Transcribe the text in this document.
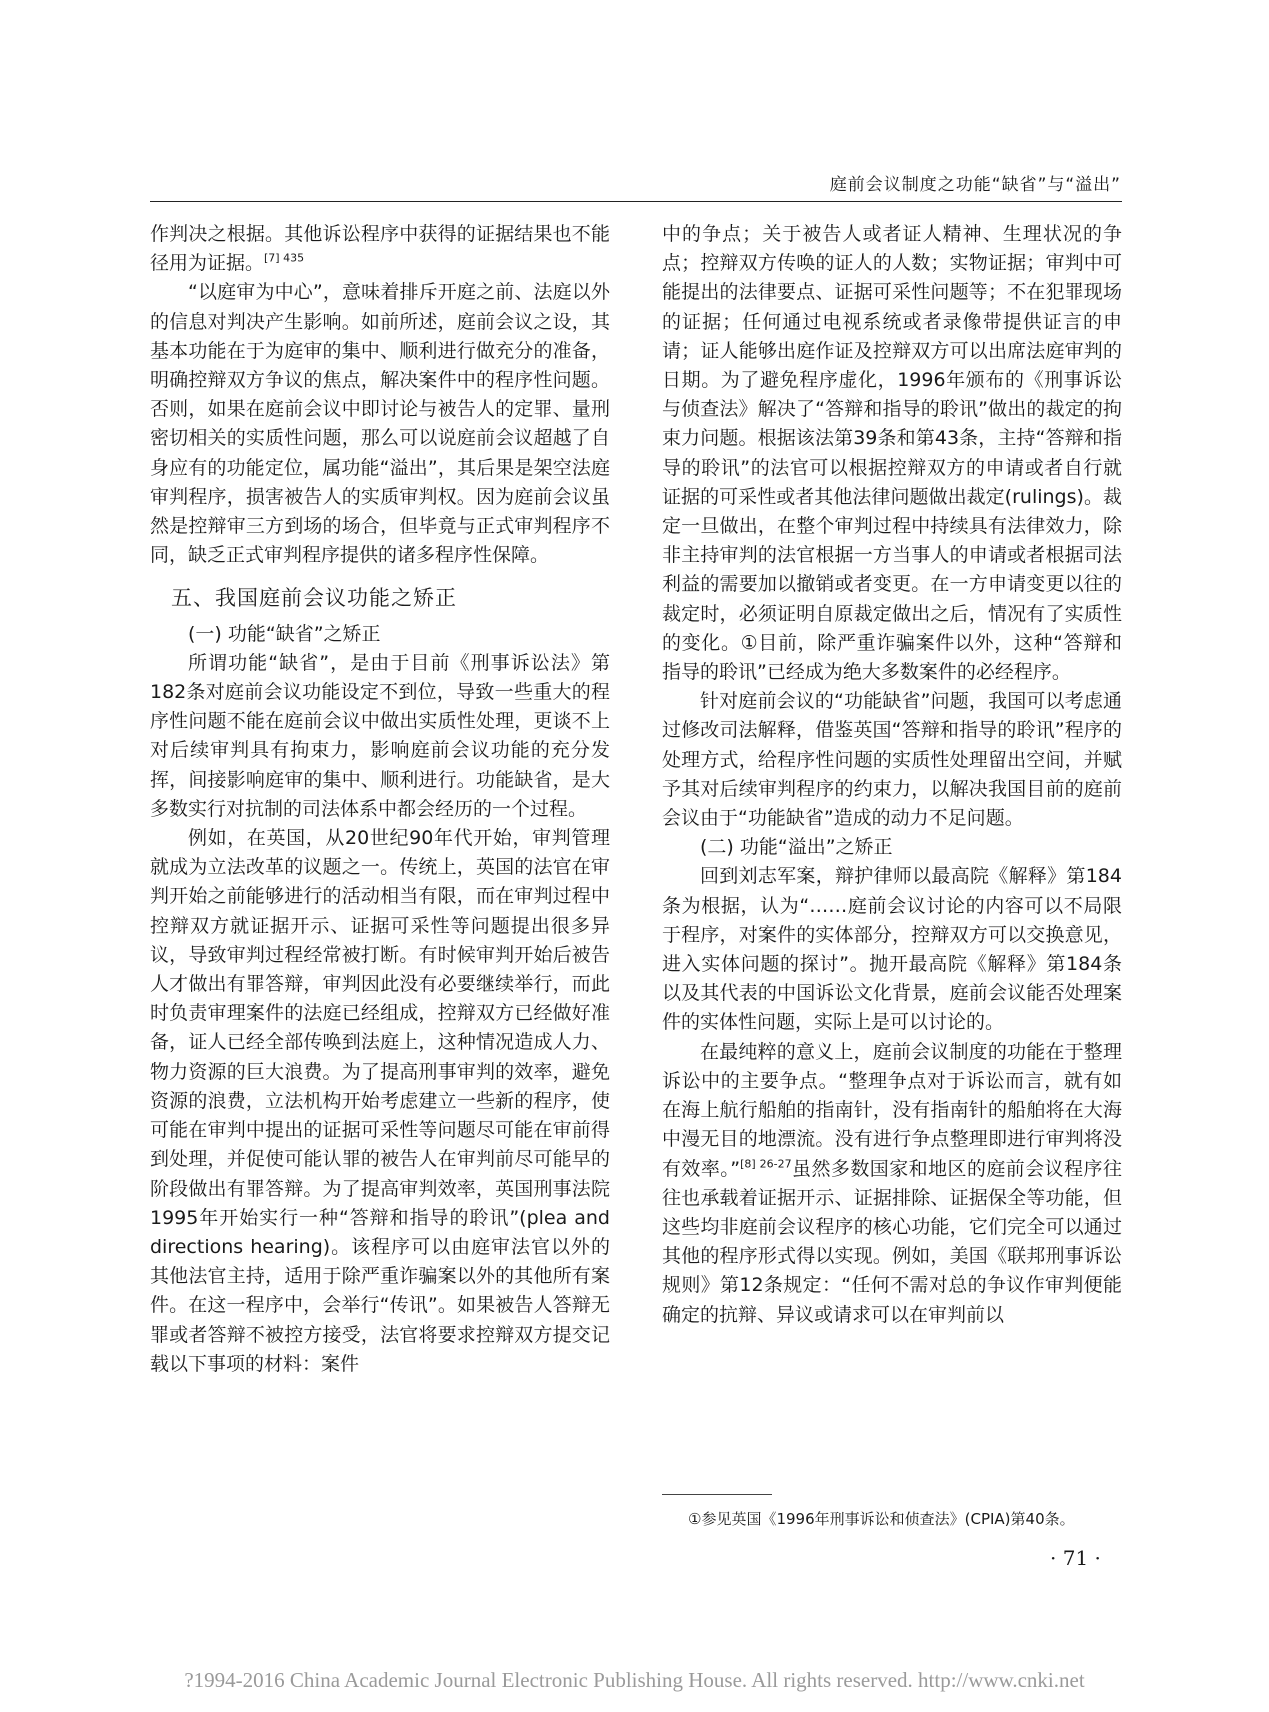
庭前会议制度之功能“缺省”与“溢出”

作判决之根据。其他诉讼程序中获得的证据结果也不能径用为证据。$^{[7] 435}$

“以庭审为中心”，意味着排斥开庭之前、法庭以外的信息对判决产生影响。如前所述，庭前会议之设，其基本功能在于为庭审的集中、顺利进行做充分的准备，明确控辩双方争议的焦点，解决案件中的程序性问题。否则，如果在庭前会议中即讨论与被告人的定罪、量刑密切相关的实质性问题，那么可以说庭前会议超越了自身应有的功能定位，属功能“溢出”，其后果是架空法庭审判程序，损害被告人的实质审判权。因为庭前会议虽然是控辩审三方到场的场合，但毕竟与正式审判程序不同，缺乏正式审判程序提供的诸多程序性保障。

五、我国庭前会议功能之矫正
(一) 功能“缺省”之矫正

所谓功能“缺省”，是由于目前《刑事诉讼法》第182条对庭前会议功能设定不到位，导致一些重大的程序性问题不能在庭前会议中做出实质性处理，更谈不上对后续审判具有拘束力，影响庭前会议功能的充分发挥，间接影响庭审的集中、顺利进行。功能缺省，是大多数实行对抗制的司法体系中都会经历的一个过程。

例如，在英国，从20世纪90年代开始，审判管理就成为立法改革的议题之一。传统上，英国的法官在审判开始之前能够进行的活动相当有限，而在审判过程中控辩双方就证据开示、证据可采性等问题提出很多异议，导致审判过程经常被打断。有时候审判开始后被告人才做出有罪答辩，审判因此没有必要继续举行，而此时负责审理案件的法庭已经组成，控辩双方已经做好准备，证人已经全部传唤到法庭上，这种情况造成人力、物力资源的巨大浪费。为了提高刑事审判的效率，避免资源的浪费，立法机构开始考虑建立一些新的程序，使可能在审判中提出的证据可采性等问题尽可能在审前得到处理，并促使可能认罪的被告人在审判前尽可能早的阶段做出有罪答辩。为了提高审判效率，英国刑事法院1995年开始实行一种“答辩和指导的聆讯”(plea and directions hearing)。该程序可以由庭审法官以外的其他法官主持，适用于除严重诈骗案以外的其他所有案件。在这一程序中，会举行“传讯”。如果被告人答辩无罪或者答辩不被控方接受，法官将要求控辩双方提交记载以下事项的材料：案件

中的争点；关于被告人或者证人精神、生理状况的争点；控辩双方传唤的证人的人数；实物证据；审判中可能提出的法律要点、证据可采性问题等；不在犯罪现场的证据；任何通过电视系统或者录像带提供证言的申请；证人能够出庭作证及控辩双方可以出席法庭审判的日期。为了避免程序虚化，1996年颁布的《刑事诉讼与侦查法》解决了“答辩和指导的聆讯”做出的裁定的拘束力问题。根据该法第39条和第43条，主持“答辩和指导的聆讯”的法官可以根据控辩双方的申请或者自行就证据的可采性或者其他法律问题做出裁定(rulings)。裁定一旦做出，在整个审判过程中持续具有法律效力，除非主持审判的法官根据一方当事人的申请或者根据司法利益的需要加以撤销或者变更。在一方申请变更以往的裁定时，必须证明自原裁定做出之后，情况有了实质性的变化。①目前，除严重诈骗案件以外，这种“答辩和指导的聆讯”已经成为绝大多数案件的必经程序。

针对庭前会议的“功能缺省”问题，我国可以考虑通过修改司法解释，借鉴英国“答辩和指导的聆讯”程序的处理方式，给程序性问题的实质性处理留出空间，并赋予其对后续审判程序的约束力，以解决我国目前的庭前会议由于“功能缺省”造成的动力不足问题。

(二) 功能“溢出”之矫正

回到刘志军案，辩护律师以最高院《解释》第184条为根据，认为“……庭前会议讨论的内容可以不局限于程序，对案件的实体部分，控辩双方可以交换意见，进入实体问题的探讨”。抛开最高院《解释》第184条以及其代表的中国诉讼文化背景，庭前会议能否处理案件的实体性问题，实际上是可以讨论的。

在最纯粹的意义上，庭前会议制度的功能在于整理诉讼中的主要争点。“整理争点对于诉讼而言，就有如在海上航行船舶的指南针，没有指南针的船舶将在大海中漫无目的地漂流。没有进行争点整理即进行审判将没有效率。”$^{[8] 26-27}$虽然多数国家和地区的庭前会议程序往往也承载着证据开示、证据排除、证据保全等功能，但这些均非庭前会议程序的核心功能，它们完全可以通过其他的程序形式得以实现。例如，美国《联邦刑事诉讼规则》第12条规定：“任何不需对总的争议作审判便能确定的抗辩、异议或请求可以在审判前以

①参见英国《1996年刑事诉讼和侦查法》(CPIA)第40条。
· 71 ·
?1994-2016 China Academic Journal Electronic Publishing House. All rights reserved. http://www.cnki.net
